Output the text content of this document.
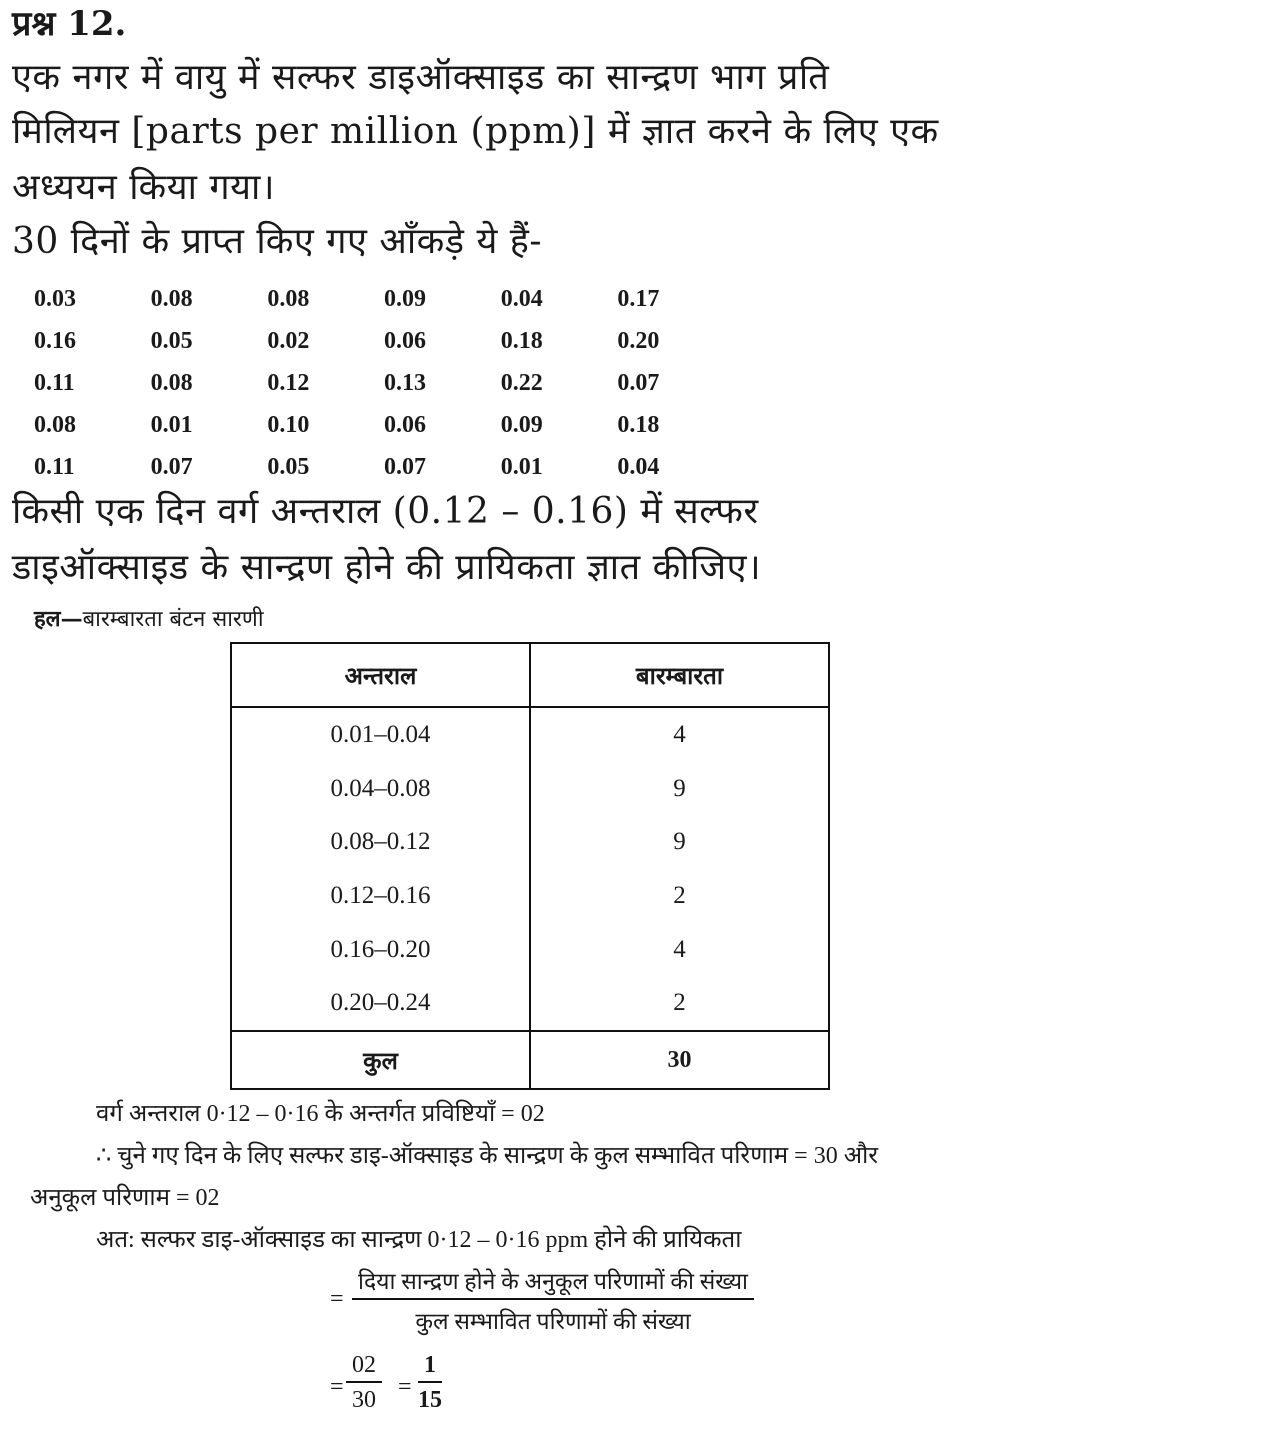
प्रश्न 12.
एक नगर में वायु में सल्फर डाइऑक्साइड का सान्द्रण भाग प्रति
मिलियन [parts per million (ppm)] में ज्ञात करने के लिए एक
अध्ययन किया गया।
30 दिनों के प्राप्त किए गए आँकड़े ये हैं-
0.03	0.08	0.08	0.09	0.04	0.17
0.16	0.05	0.02	0.06	0.18	0.20
0.11	0.08	0.12	0.13	0.22	0.07
0.08	0.01	0.10	0.06	0.09	0.18
0.11	0.07	0.05	0.07	0.01	0.04
किसी एक दिन वर्ग अन्तराल (0.12 – 0.16) में सल्फर
डाइऑक्साइड के सान्द्रण होने की प्रायिकता ज्ञात कीजिए।
हल—बारम्बारता बंटन सारणी
अन्तराल	बारम्बारता
0.01–0.04	4
0.04–0.08	9
0.08–0.12	9
0.12–0.16	2
0.16–0.20	4
0.20–0.24	2
कुल	30
वर्ग अन्तराल 0·12 – 0·16 के अन्तर्गत प्रविष्टियाँ = 02
∴ चुने गए दिन के लिए सल्फर डाइ-ऑक्साइड के सान्द्रण के कुल सम्भावित परिणाम = 30 और
अनुकूल परिणाम = 02
अत: सल्फर डाइ-ऑक्साइड का सान्द्रण 0·12 – 0·16 ppm होने की प्रायिकता
=
दिया सान्द्रण होने के अनुकूल परिणामों की संख्या
कुल सम्भावित परिणामों की संख्या
= $\frac{02}{30} = \frac{1}{15}$
